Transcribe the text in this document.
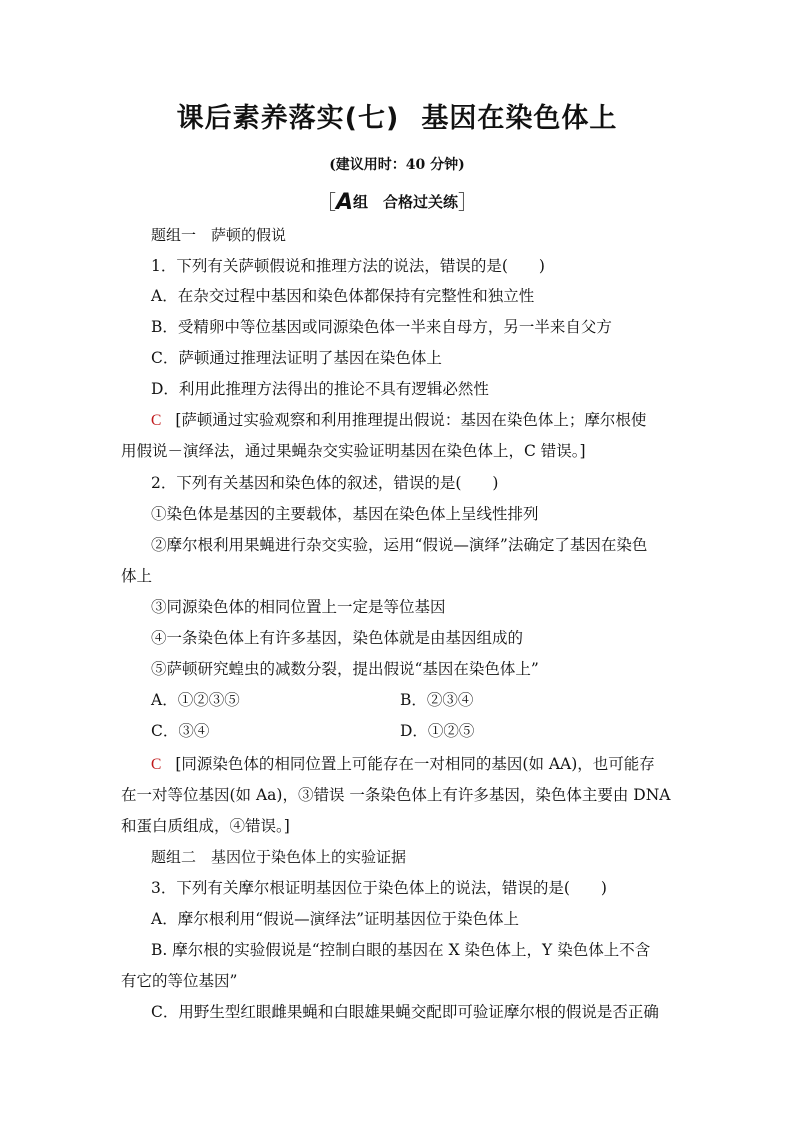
课后素养落实(七) 基因在染色体上
(建议用时：40 分钟)
［A组　 合格过关练］
题组一　萨顿的假说
1．下列有关萨顿假说和推理方法的说法，错误的是(　　)
A．在杂交过程中基因和染色体都保持有完整性和独立性
B．受精卵中等位基因或同源染色体一半来自母方，另一半来自父方
C．萨顿通过推理法证明了基因在染色体上
D．利用此推理方法得出的推论不具有逻辑必然性
C [萨顿通过实验观察和利用推理提出假说：基因在染色体上；摩尔根使
用假说－演绎法，通过果蝇杂交实验证明基因在染色体上，C 错误。]
2．下列有关基因和染色体的叙述，错误的是(　　)
①染色体是基因的主要载体，基因在染色体上呈线性排列
②摩尔根利用果蝇进行杂交实验，运用“假说—演绎”法确定了基因在染色
体上
③同源染色体的相同位置上一定是等位基因
④一条染色体上有许多基因，染色体就是由基因组成的
⑤萨顿研究蝗虫的减数分裂，提出假说“基因在染色体上”
A．①②③⑤	B．②③④
C．③④	D．①②⑤
C [同源染色体的相同位置上可能存在一对相同的基因(如 AA)，也可能存
在一对等位基因(如 Aa)，③错误 一条染色体上有许多基因，染色体主要由 DNA
和蛋白质组成，④错误。]
题组二　基因位于染色体上的实验证据
3．下列有关摩尔根证明基因位于染色体上的说法，错误的是(　　)
A．摩尔根利用“假说—演绎法”证明基因位于染色体上
B. 摩尔根的实验假说是“控制白眼的基因在 X 染色体上，Y 染色体上不含
有它的等位基因”
C．用野生型红眼雌果蝇和白眼雄果蝇交配即可验证摩尔根的假说是否正确
